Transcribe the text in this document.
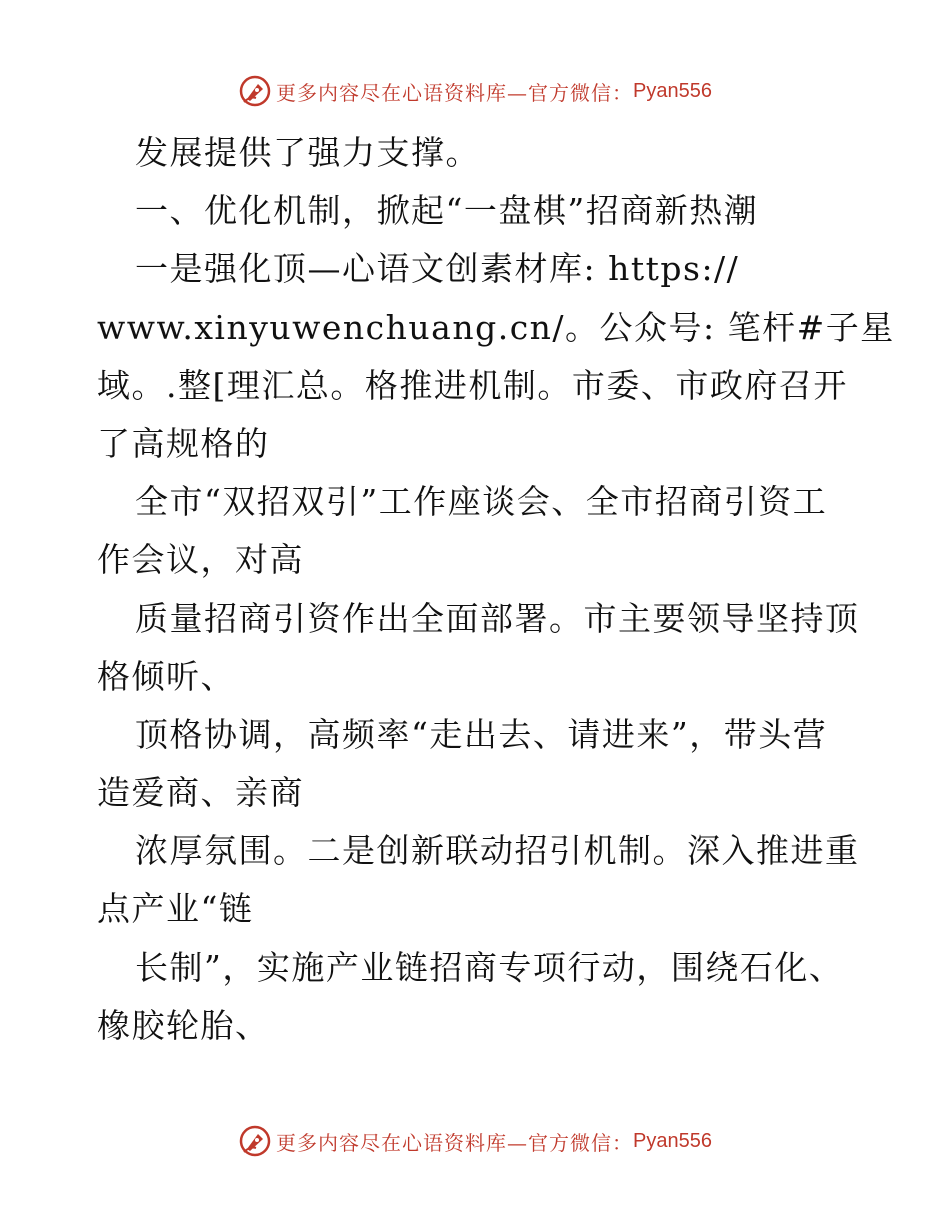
更多内容尽在心语资料库—官方微信： Pyan556
发展提供了强力支撑。
一、优化机制，掀起“一盘棋”招商新热潮
一是强化顶—心语文创素材库: https://
www.xinyuwenchuang.cn/。公众号: 笔杆#子星
域。.整[理汇总。格推进机制。市委、市政府召开
了高规格的
全市“双招双引”工作座谈会、全市招商引资工
作会议，对高
质量招商引资作出全面部署。市主要领导坚持顶
格倾听、
顶格协调，高频率“走出去、请进来”，带头营
造爱商、亲商
浓厚氛围。二是创新联动招引机制。深入推进重
点产业“链
长制”，实施产业链招商专项行动，围绕石化、
橡胶轮胎、
更多内容尽在心语资料库—官方微信： Pyan556
